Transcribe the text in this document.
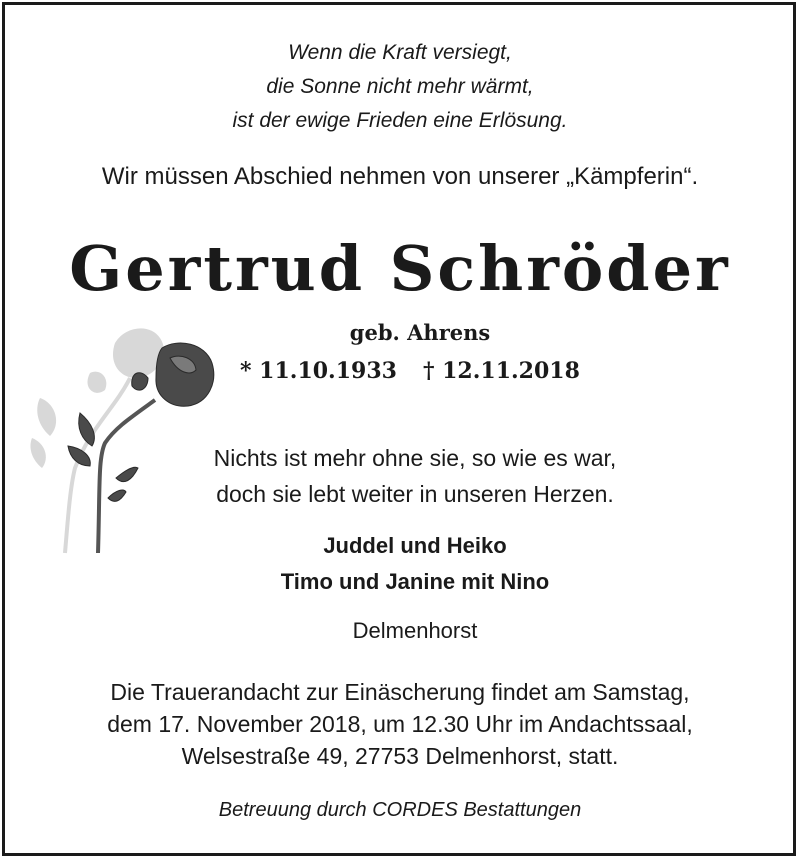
Wenn die Kraft versiegt,
die Sonne nicht mehr wärmt,
ist der ewige Frieden eine Erlösung.
Wir müssen Abschied nehmen von unserer „Kämpferin“.
Gertrud Schröder
geb. Ahrens
* 11.10.1933 † 12.11.2018
Nichts ist mehr ohne sie, so wie es war,
doch sie lebt weiter in unseren Herzen.
Juddel und Heiko
Timo und Janine mit Nino
Delmenhorst
Die Trauerandacht zur Einäscherung findet am Samstag,
dem 17. November 2018, um 12.30 Uhr im Andachtssaal,
Welsestraße 49, 27753 Delmenhorst, statt.
Betreuung durch CORDES Bestattungen
